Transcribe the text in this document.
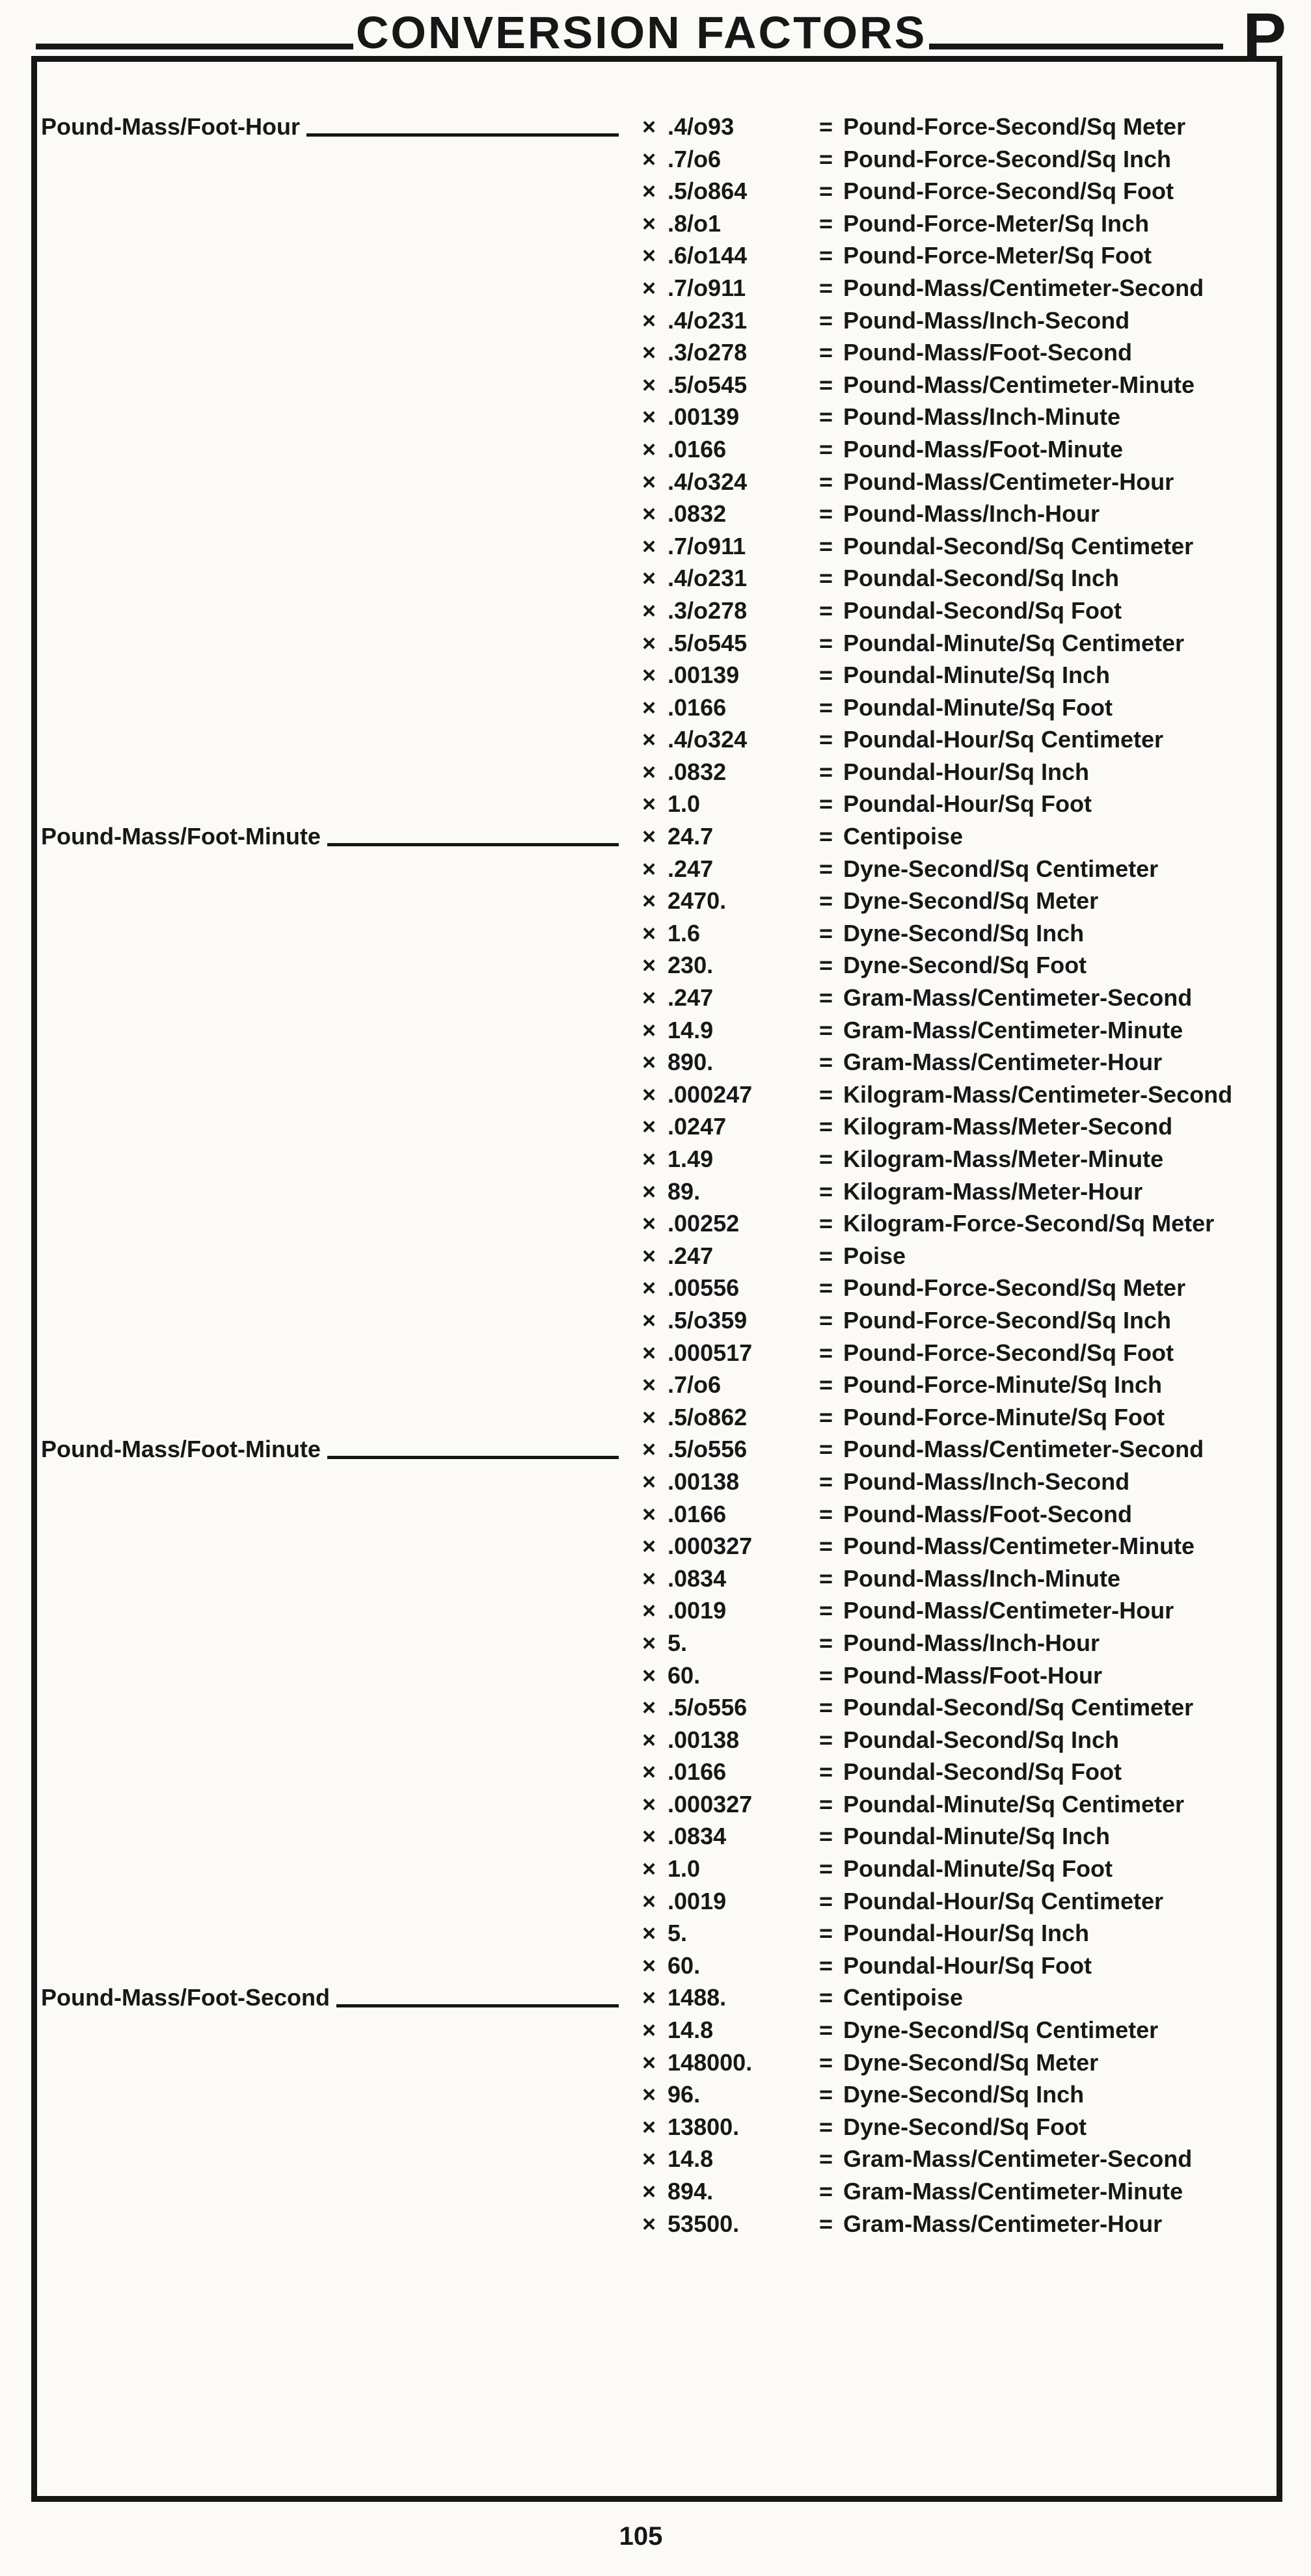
CONVERSION FACTORS	P
Pound-Mass/Foot-Hour	× .4/o93	= Pound-Force-Second/Sq Meter
× .7/o6	= Pound-Force-Second/Sq Inch
× .5/o864	= Pound-Force-Second/Sq Foot
× .8/o1	= Pound-Force-Meter/Sq Inch
× .6/o144	= Pound-Force-Meter/Sq Foot
× .7/o911	= Pound-Mass/Centimeter-Second
× .4/o231	= Pound-Mass/Inch-Second
× .3/o278	= Pound-Mass/Foot-Second
× .5/o545	= Pound-Mass/Centimeter-Minute
× .00139	= Pound-Mass/Inch-Minute
× .0166	= Pound-Mass/Foot-Minute
× .4/o324	= Pound-Mass/Centimeter-Hour
× .0832	= Pound-Mass/Inch-Hour
× .7/o911	= Poundal-Second/Sq Centimeter
× .4/o231	= Poundal-Second/Sq Inch
× .3/o278	= Poundal-Second/Sq Foot
× .5/o545	= Poundal-Minute/Sq Centimeter
× .00139	= Poundal-Minute/Sq Inch
× .0166	= Poundal-Minute/Sq Foot
× .4/o324	= Poundal-Hour/Sq Centimeter
× .0832	= Poundal-Hour/Sq Inch
× 1.0	= Poundal-Hour/Sq Foot
Pound-Mass/Foot-Minute	× 24.7	= Centipoise
× .247	= Dyne-Second/Sq Centimeter
× 2470.	= Dyne-Second/Sq Meter
× 1.6	= Dyne-Second/Sq Inch
× 230.	= Dyne-Second/Sq Foot
× .247	= Gram-Mass/Centimeter-Second
× 14.9	= Gram-Mass/Centimeter-Minute
× 890.	= Gram-Mass/Centimeter-Hour
× .000247	= Kilogram-Mass/Centimeter-Second
× .0247	= Kilogram-Mass/Meter-Second
× 1.49	= Kilogram-Mass/Meter-Minute
× 89.	= Kilogram-Mass/Meter-Hour
× .00252	= Kilogram-Force-Second/Sq Meter
× .247	= Poise
× .00556	= Pound-Force-Second/Sq Meter
× .5/o359	= Pound-Force-Second/Sq Inch
× .000517	= Pound-Force-Second/Sq Foot
× .7/o6	= Pound-Force-Minute/Sq Inch
× .5/o862	= Pound-Force-Minute/Sq Foot
Pound-Mass/Foot-Minute	× .5/o556	= Pound-Mass/Centimeter-Second
× .00138	= Pound-Mass/Inch-Second
× .0166	= Pound-Mass/Foot-Second
× .000327	= Pound-Mass/Centimeter-Minute
× .0834	= Pound-Mass/Inch-Minute
× .0019	= Pound-Mass/Centimeter-Hour
× 5.	= Pound-Mass/Inch-Hour
× 60.	= Pound-Mass/Foot-Hour
× .5/o556	= Poundal-Second/Sq Centimeter
× .00138	= Poundal-Second/Sq Inch
× .0166	= Poundal-Second/Sq Foot
× .000327	= Poundal-Minute/Sq Centimeter
× .0834	= Poundal-Minute/Sq Inch
× 1.0	= Poundal-Minute/Sq Foot
× .0019	= Poundal-Hour/Sq Centimeter
× 5.	= Poundal-Hour/Sq Inch
× 60.	= Poundal-Hour/Sq Foot
Pound-Mass/Foot-Second	× 1488.	= Centipoise
× 14.8	= Dyne-Second/Sq Centimeter
× 148000.	= Dyne-Second/Sq Meter
× 96.	= Dyne-Second/Sq Inch
× 13800.	= Dyne-Second/Sq Foot
× 14.8	= Gram-Mass/Centimeter-Second
× 894.	= Gram-Mass/Centimeter-Minute
× 53500.	= Gram-Mass/Centimeter-Hour
105
